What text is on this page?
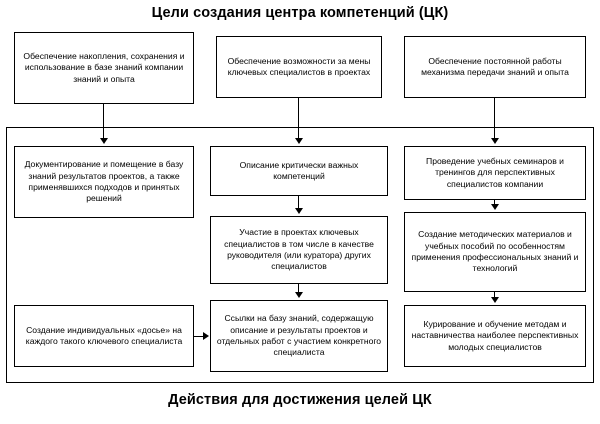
Цели создания центра компетенций (ЦК)
Обеспечение накопления, сохранения и использование в базе знаний компании знаний и опыта
Обеспечение возможности за мены ключевых специалистов в проектах
Обеспечение постоянной работы механизма передачи знаний и опыта
Документирование и помещение в базу знаний результатов проектов, а также применявшихся подходов и принятых решений
Создание индивидуальных «досье» на каждого такого ключевого специалиста
Описание критически важных компетенций
Участие в проектах ключевых специалистов в том числе в качестве руководителя (или куратора) других специалистов
Ссылки на базу знаний, содержащую описание и результаты проектов и отдельных работ с участием конкретного специалиста
Проведение учебных семинаров и тренингов для перспективных специалистов компании
Создание методических материалов и учебных пособий по особенностям применения профессиональных знаний и технологий
Курирование и обучение методам и наставничества наиболее перспективных молодых специалистов
Действия для достижения целей ЦК
